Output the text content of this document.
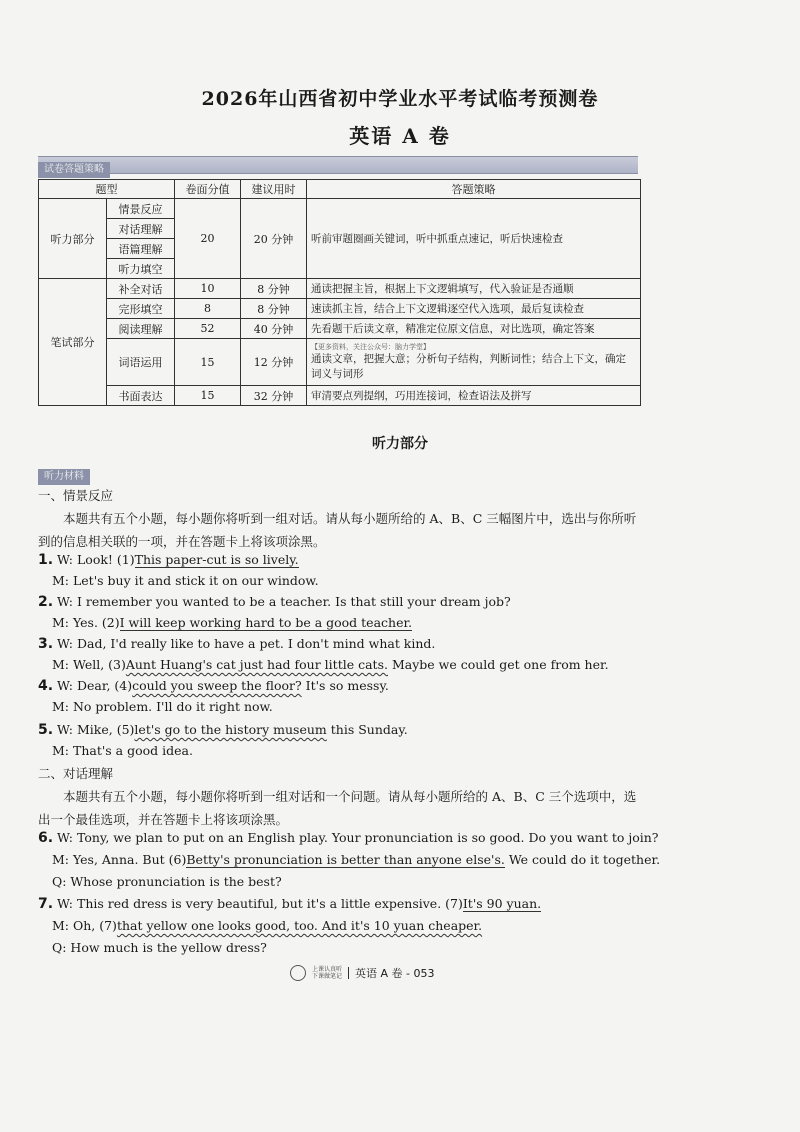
2026年山西省初中学业水平考试临考预测卷
英语 A 卷
试卷答题策略
题型		卷面分值	建议用时	答题策略
听力部分	情景反应	20	20 分钟	听前审题圈画关键词，听中抓重点速记，听后快速检查
	对话理解			
	语篇理解			
	听力填空			
笔试部分	补全对话	10	8 分钟	通读把握主旨，根据上下文逻辑填写，代入验证是否通顺
	完形填空	8	8 分钟	速读抓主旨，结合上下文逻辑逐空代入选项，最后复读检查
	阅读理解	52	40 分钟	先看题干后读文章，精准定位原文信息，对比选项，确定答案
	词语运用	15	12 分钟	【更多资料，关注公众号：脑力学堂】
通读文章，把握大意；分析句子结构，判断词性；结合上下文，确定词义与词形
	书面表达	15	32 分钟	审清要点列提纲，巧用连接词，检查语法及拼写
听力部分
听力材料
一、情景反应
本题共有五个小题，每小题你将听到一组对话。请从每小题所给的 A、B、C 三幅图片中，选出与你所听到的信息相关联的一项，并在答题卡上将该项涂黑。
1. W: Look! (1)This paper-cut is so lively.
M: Let's buy it and stick it on our window.
2. W: I remember you wanted to be a teacher. Is that still your dream job?
M: Yes. (2)I will keep working hard to be a good teacher.
3. W: Dad, I'd really like to have a pet. I don't mind what kind.
M: Well, (3)Aunt Huang's cat just had four little cats. Maybe we could get one from her.
4. W: Dear, (4)could you sweep the floor? It's so messy.
M: No problem. I'll do it right now.
5. W: Mike, (5)let's go to the history museum this Sunday.
M: That's a good idea.
二、对话理解
本题共有五个小题，每小题你将听到一组对话和一个问题。请从每小题所给的 A、B、C 三个选项中，选出一个最佳选项，并在答题卡上将该项涂黑。
6. W: Tony, we plan to put on an English play. Your pronunciation is so good. Do you want to join?
M: Yes, Anna. But (6)Betty's pronunciation is better than anyone else's. We could do it together.
Q: Whose pronunciation is the best?
7. W: This red dress is very beautiful, but it's a little expensive. (7)It's 90 yuan.
M: Oh, (7)that yellow one looks good, too. And it's 10 yuan cheaper.
Q: How much is the yellow dress?
上课认真听
下课做笔记 英语 A 卷 - 053
